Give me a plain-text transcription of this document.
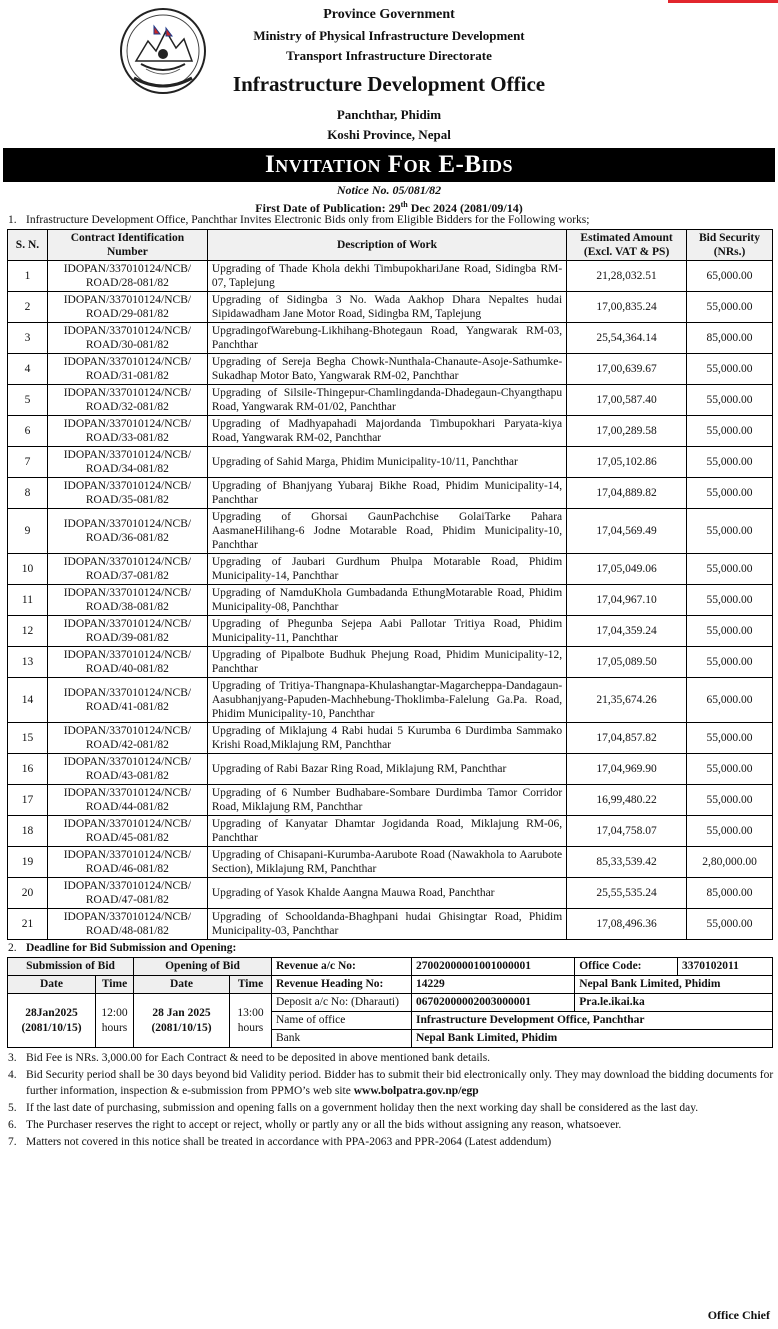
Province Government
Ministry of Physical Infrastructure Development
Transport Infrastructure Directorate
Infrastructure Development Office
Panchthar, Phidim
Koshi Province, Nepal
Invitation For E-Bids
Notice No. 05/081/82
First Date of Publication: 29th Dec 2024 (2081/09/14)
1. Infrastructure Development Office, Panchthar Invites Electronic Bids only from Eligible Bidders for the Following works;
S. N.	Contract Identification Number	Description of Work	Estimated Amount (Excl. VAT & PS)	Bid Security (NRs.)
1	IDOPAN/337010124/NCB/ ROAD/28-081/82	Upgrading of Thade Khola dekhi TimbupokhariJane Road, Sidingba RM-07, Taplejung	21,28,032.51	65,000.00
2	IDOPAN/337010124/NCB/ ROAD/29-081/82	Upgrading of Sidingba 3 No. Wada Aakhop Dhara Nepaltes hudai Sipidawadham Jane Motor Road, Sidingba RM, Taplejung	17,00,835.24	55,000.00
3	IDOPAN/337010124/NCB/ ROAD/30-081/82	UpgradingofWarebung-Likhihang-Bhotegaun Road, Yangwarak RM-03, Panchthar	25,54,364.14	85,000.00
4	IDOPAN/337010124/NCB/ ROAD/31-081/82	Upgrading of Sereja Begha Chowk-Nunthala-Chanaute-Asoje-Sathumke-Sukadhap Motor Bato, Yangwarak RM-02, Panchthar	17,00,639.67	55,000.00
5	IDOPAN/337010124/NCB/ ROAD/32-081/82	Upgrading of Silsile-Thingepur-Chamlingdanda-Dhadegaun-Chyangthapu Road, Yangwarak RM-01/02, Panchthar	17,00,587.40	55,000.00
6	IDOPAN/337010124/NCB/ ROAD/33-081/82	Upgrading of Madhyapahadi Majordanda Timbupokhari Paryata-kiya Road, Yangwarak RM-02, Panchthar	17,00,289.58	55,000.00
7	IDOPAN/337010124/NCB/ ROAD/34-081/82	Upgrading of Sahid Marga, Phidim Municipality-10/11, Panchthar	17,05,102.86	55,000.00
8	IDOPAN/337010124/NCB/ ROAD/35-081/82	Upgrading of Bhanjyang Yubaraj Bikhe Road, Phidim Municipality-14, Panchthar	17,04,889.82	55,000.00
9	IDOPAN/337010124/NCB/ ROAD/36-081/82	Upgrading of Ghorsai GaunPachchise GolaiTarke Pahara AasmaneHilihang-6 Jodne Motarable Road, Phidim Municipality-10, Panchthar	17,04,569.49	55,000.00
10	IDOPAN/337010124/NCB/ ROAD/37-081/82	Upgrading of Jaubari Gurdhum Phulpa Motarable Road, Phidim Municipality-14, Panchthar	17,05,049.06	55,000.00
11	IDOPAN/337010124/NCB/ ROAD/38-081/82	Upgrading of NamduKhola Gumbadanda EthungMotarable Road, Phidim Municipality-08, Panchthar	17,04,967.10	55,000.00
12	IDOPAN/337010124/NCB/ ROAD/39-081/82	Upgrading of Phegunba Sejepa Aabi Pallotar Tritiya Road, Phidim Municipality-11, Panchthar	17,04,359.24	55,000.00
13	IDOPAN/337010124/NCB/ ROAD/40-081/82	Upgrading of Pipalbote Budhuk Phejung Road, Phidim Municipality-12, Panchthar	17,05,089.50	55,000.00
14	IDOPAN/337010124/NCB/ ROAD/41-081/82	Upgrading of Tritiya-Thangnapa-Khulashangtar-Magarcheppa-Dandagaun-Aasubhanjyang-Papuden-Machhebung-Thoklimba-Falelung Ga.Pa. Road, Phidim Municipality-10, Panchthar	21,35,674.26	65,000.00
15	IDOPAN/337010124/NCB/ ROAD/42-081/82	Upgrading of Miklajung 4 Rabi hudai 5 Kurumba 6 Durdimba Sammako Krishi Road,Miklajung RM, Panchthar	17,04,857.82	55,000.00
16	IDOPAN/337010124/NCB/ ROAD/43-081/82	Upgrading of Rabi Bazar Ring Road, Miklajung RM, Panchthar	17,04,969.90	55,000.00
17	IDOPAN/337010124/NCB/ ROAD/44-081/82	Upgrading of 6 Number Budhabare-Sombare Durdimba Tamor Corridor Road, Miklajung RM, Panchthar	16,99,480.22	55,000.00
18	IDOPAN/337010124/NCB/ ROAD/45-081/82	Upgrading of Kanyatar Dhamtar Jogidanda Road, Miklajung RM-06, Panchthar	17,04,758.07	55,000.00
19	IDOPAN/337010124/NCB/ ROAD/46-081/82	Upgrading of Chisapani-Kurumba-Aarubote Road (Nawakhola to Aarubote Section), Miklajung RM, Panchthar	85,33,539.42	2,80,000.00
20	IDOPAN/337010124/NCB/ ROAD/47-081/82	Upgrading of Yasok Khalde Aangna Mauwa Road, Panchthar	25,55,535.24	85,000.00
21	IDOPAN/337010124/NCB/ ROAD/48-081/82	Upgrading of Schooldanda-Bhaghpani hudai Ghisingtar Road, Phidim Municipality-03, Panchthar	17,08,496.36	55,000.00
2. Deadline for Bid Submission and Opening:
Submission of Bid		Opening of Bid		Revenue a/c No:	27002000001001000001	Office Code:	3370102011
Date	Time	Date	Time	Revenue Heading No:	14229	Nepal Bank Limited, Phidim	
28Jan2025 (2081/10/15)	12:00 hours	28 Jan 2025 (2081/10/15)	13:00 hours	Deposit a/c No: (Dharauti)	06702000002003000001	Pra.le.ikai.ka	
				Name of office	Infrastructure Development Office, Panchthar		
				Bank	Nepal Bank Limited, Phidim		
3. Bid Fee is NRs. 3,000.00 for Each Contract & need to be deposited in above mentioned bank details.
4. Bid Security period shall be 30 days beyond bid Validity period. Bidder has to submit their bid electronically only. They may download the bidding documents for further information, inspection & e-submission from PPMO’s web site www.bolpatra.gov.np/egp
5. If the last date of purchasing, submission and opening falls on a government holiday then the next working day shall be considered as the last day.
6. The Purchaser reserves the right to accept or reject, wholly or partly any or all the bids without assigning any reason, whatsoever.
7. Matters not covered in this notice shall be treated in accordance with PPA-2063 and PPR-2064 (Latest addendum)
Office Chief
